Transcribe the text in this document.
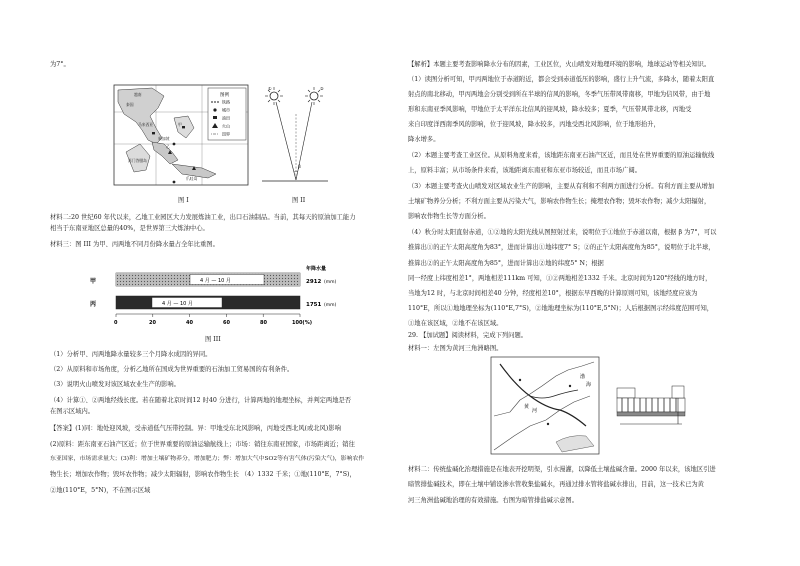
为7°。
图例
铁路
城市
油田
火山
国界
越南
泰国
马来西亚
新加坡
乙
甲
爪哇岛
苏门答腊岛
图 I
①	②
β
图 II
材料二:20 世纪60 年代以来，乙地工业园区大力发展炼油工业，出口石油制品。当前，其每天的原油加工能力
相当于东南亚地区总量的40%，是世界第三大炼油中心。
材料三：图 III 为甲、丙两地不同月份降水量占全年比重图。
年降水量
甲	4 月 — 10 月	2912 (mm)
丙	4 月 — 10 月	1751 (mm)
0	20	40	60	80	100(%)
图 III
（1）分析甲、丙两地降水量较多三个月降水成因的异同。
（2）从原料和市场角度，分析乙地所在国成为世界重要的石油加工贸易国的有利条件。
（3）说明火山喷发对该区域农业生产的影响。
（4）计算①、②两地经线长度。若在随着北京时间12 时40 分进行，计算两地的地理坐标，并判定两地是否
在图示区域内。
【答案】(1)同：地处迎风坡，受赤道低气压带控制。异：甲地受东北风影响，丙地受西北风(或北风)影响
(2)原料：距东南亚石油产区近；位于世界重要的原油运输航线上；市场：销往东南亚国家，市场距离近；销往
东亚国家，市场需求量大；(3)利：增加土壤矿物养分，增加肥力；弊：增加大气中SO2等有害气体(污染大气)，影响农作
物生长；增加农作物；毁坏农作物；减少太阳辐射，影响农作物生长 （4）1332 千米；①地(110°E，7°S)，
②地(110°E，5°N)，不在图示区域
【解析】本题主要考查影响降水分布的因素，工业区位，火山喷发对地理环境的影响，地球运动等相关知识。
（1）读图分析可知，甲丙两地位于赤道附近，都会受到赤道低压的影响，盛行上升气流，多降水，随着太阳直
射点的南北移动，甲丙两地会分别受到所在半球的信风的影响，冬季气压带风带南移，甲地为信风带，由于地
形和东南亚季风影响，甲地位于太平洋东北信风的迎风坡，降水较多；夏季，气压带风带北移，丙地受
来自印度洋西南季风的影响，位于迎风坡，降水较多，丙地受西北风影响，位于地形抬升，
降水增多。
（2）本题主要考查工业区位。从原料角度来看，该地距东南亚石油产区近，而且处在世界重要的原油运输航线
上，原料丰富；从市场条件来看，该地距离东南亚和东亚市场较近，而且市场广阔。
（3）本题主要考查火山喷发对区域农业生产的影响，主要从有利和不利两方面进行分析。有利方面主要从增加
土壤矿物养分分析；不利方面主要从污染大气，影响农作物生长；掩埋农作物；毁坏农作物；减少太阳辐射，
影响农作物生长等方面分析。
（4）秋分时太阳直射赤道，①②地的太阳光线从图照射过来，说明位于①地位于赤道以南，根据 β 为7°，可以
推算出①的正午太阳高度角为83°，进而计算出①地纬度7° S；②的正午太阳高度角为85°，说明位于北半球，
推算出②的正午太阳高度角为85°，进而计算出②地的纬度5° N；根据
同一经度上纬度相差1°，两地相差111km 可知，①②两地相差1332 千米。北京时间为120°经线的地方时，
当地为12 时，与北京时间相差40 分钟，经度相差10°，根据东早西晚的计算原则可知，该地经度应该为
110°E，所以①地地理坐标为(110°E,7°S)，②地地理坐标为(110°E,5°N)；人后根据图示经纬度范围可知，
①地在该区域，②地不在该区域。
29. 【加试题】阅读材料，完成下列问题。
材料一：左图为黄河三角洲略图。
黄
河
渤
海
材料二：传统盐碱化治理措施是在地表开挖明渠，引水漫灌，以降低土壤盐碱含量。2000 年以来，该地区引进
暗管排盐碱技术，即在土壤中铺设渗水管收集盐碱水，再通过排水管将盐碱水排出，目前，这一技术已为黄
河三角洲盐碱地治理的有效措施。右图为暗管排盐碱示意图。
